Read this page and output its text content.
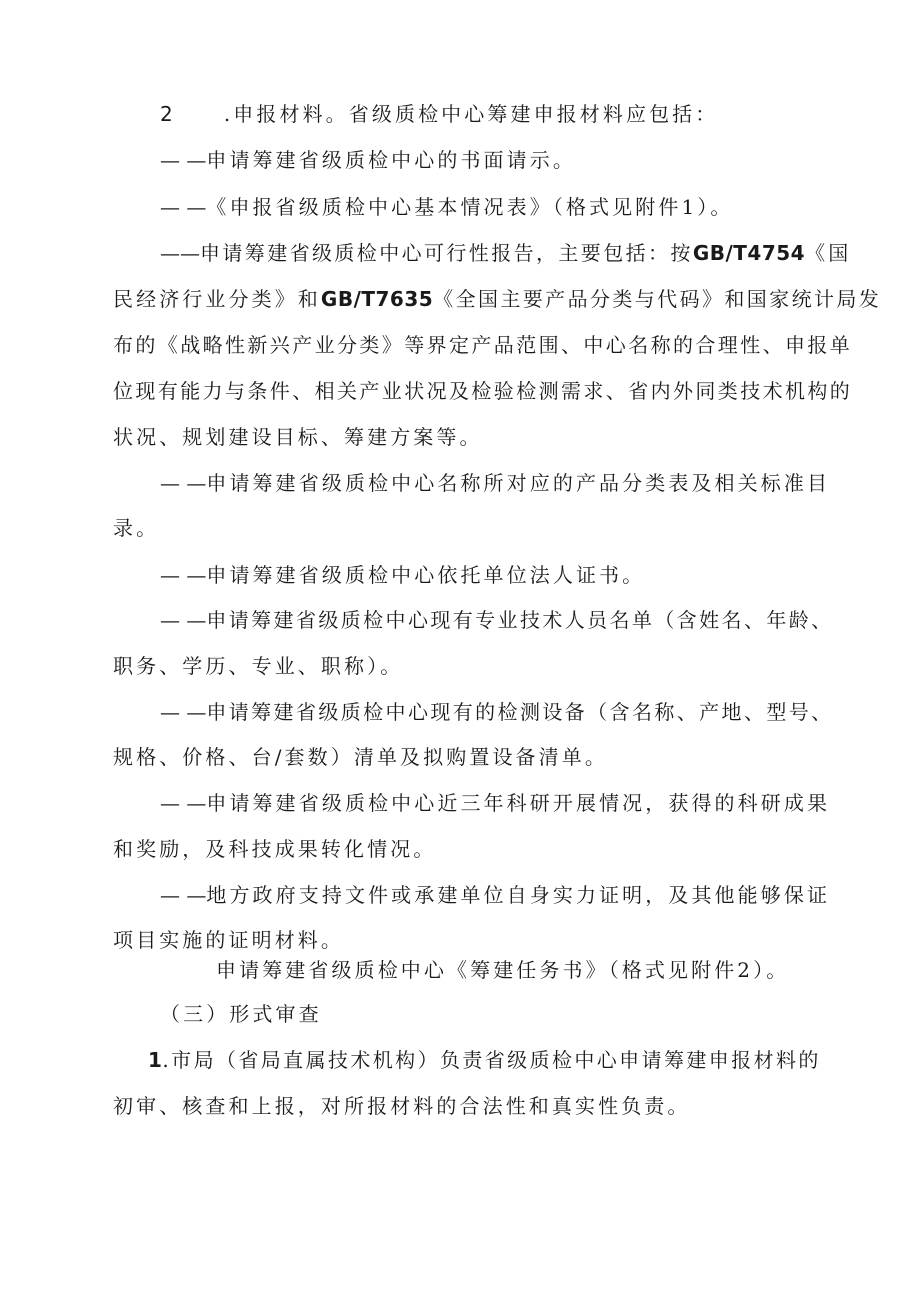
2 .申报材料。省级质检中心筹建申报材料应包括：
— —申请筹建省级质检中心的书面请示。
— —《申报省级质检中心基本情况表》（格式见附件1）。
——申请筹建省级质检中心可行性报告，主要包括：按GB/T4754《国
民经济行业分类》和GB/T7635《全国主要产品分类与代码》和国家统计局发
布的《战略性新兴产业分类》等界定产品范围、中心名称的合理性、申报单
位现有能力与条件、相关产业状况及检验检测需求、省内外同类技术机构的
状况、规划建设目标、筹建方案等。
— —申请筹建省级质检中心名称所对应的产品分类表及相关标准目
录。
— —申请筹建省级质检中心依托单位法人证书。
— —申请筹建省级质检中心现有专业技术人员名单（含姓名、年龄、
职务、学历、专业、职称）。
— —申请筹建省级质检中心现有的检测设备（含名称、产地、型号、
规格、价格、台/套数）清单及拟购置设备清单。
— —申请筹建省级质检中心近三年科研开展情况，获得的科研成果
和奖励，及科技成果转化情况。
— —地方政府支持文件或承建单位自身实力证明，及其他能够保证
项目实施的证明材料。
申请筹建省级质检中心《筹建任务书》（格式见附件2）。
（三）形式审查
1.市局（省局直属技术机构）负责省级质检中心申请筹建申报材料的
初审、核查和上报，对所报材料的合法性和真实性负责。
